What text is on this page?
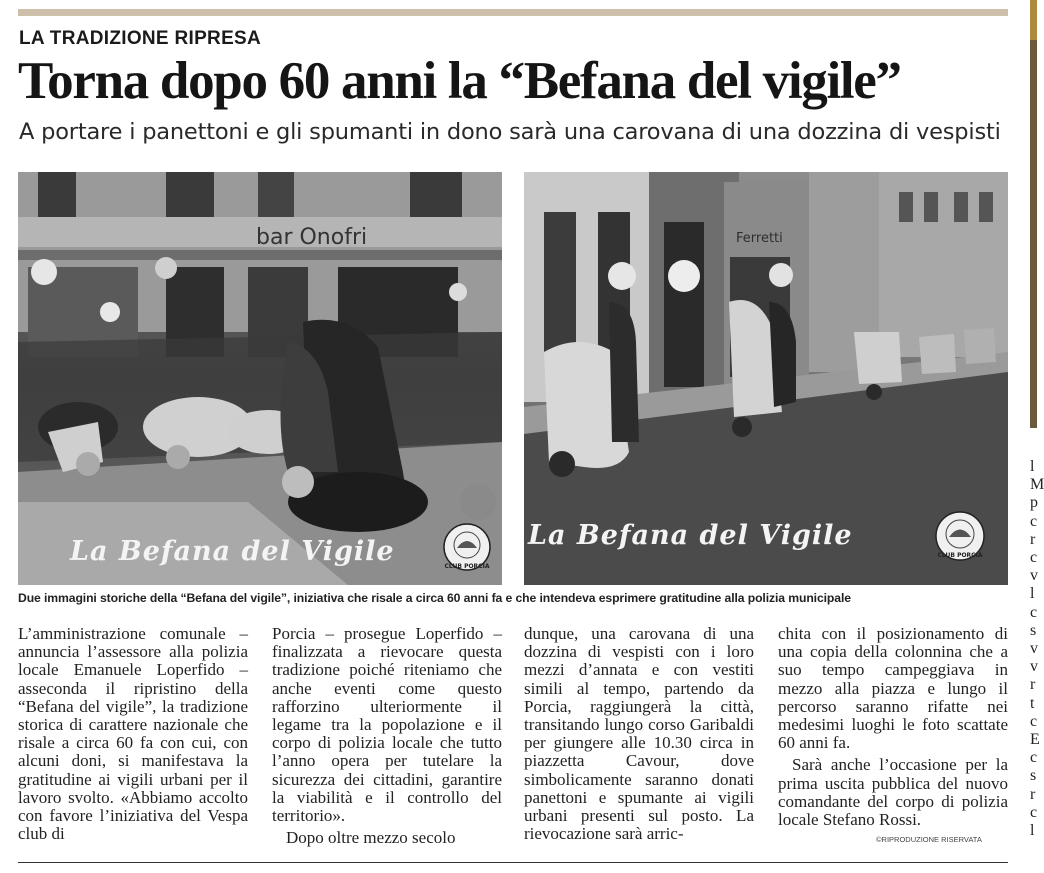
LA TRADIZIONE RIPRESA
Torna dopo 60 anni la “Befana del vigile”
A portare i panettoni e gli spumanti in dono sarà una carovana di una dozzina di vespisti
bar Onofri
La Befana del Vigile	CLUB PORCIA
Ferretti
La Befana del Vigile
CLUB PORCIA
Due immagini storiche della “Befana del vigile”, iniziativa che risale a circa 60 anni fa e che intendeva esprimere gratitudine alla polizia municipale

L’amministrazione comunale – annuncia l’assessore alla polizia locale Emanuele Loperfido – asseconda il ripristino della “Befana del vigile”, la tradizione storica di carattere nazionale che risale a circa 60 fa con cui, con alcuni doni, si manifestava la gratitudine ai vigili urbani per il lavoro svolto. «Abbiamo accolto con favore l’iniziativa del Vespa club di

Porcia – prosegue Loperfido – finalizzata a rievocare questa tradizione poiché riteniamo che anche eventi come questo rafforzino ulteriormente il legame tra la popolazione e il corpo di polizia locale che tutto l’anno opera per tutelare la sicurezza dei cittadini, garantire la viabilità e il controllo del territorio».

Dopo oltre mezzo secolo

dunque, una carovana di una dozzina di vespisti con i loro mezzi d’annata e con vestiti simili al tempo, partendo da Porcia, raggiungerà la città, transitando lungo corso Garibaldi per giungere alle 10.30 circa in piazzetta Cavour, dove simbolicamente saranno donati panettoni e spumante ai vigili urbani presenti sul posto. La rievocazione sarà arric-

chita con il posizionamento di una copia della colonnina che a suo tempo campeggiava in mezzo alla piazza e lungo il percorso saranno rifatte nei medesimi luoghi le foto scattate 60 anni fa.

Sarà anche l’occasione per la prima uscita pubblica del nuovo comandante del corpo di polizia locale Stefano Rossi.

©RIPRODUZIONE RISERVATA
l M p c r c v l c s v v r t c E c s r c l
